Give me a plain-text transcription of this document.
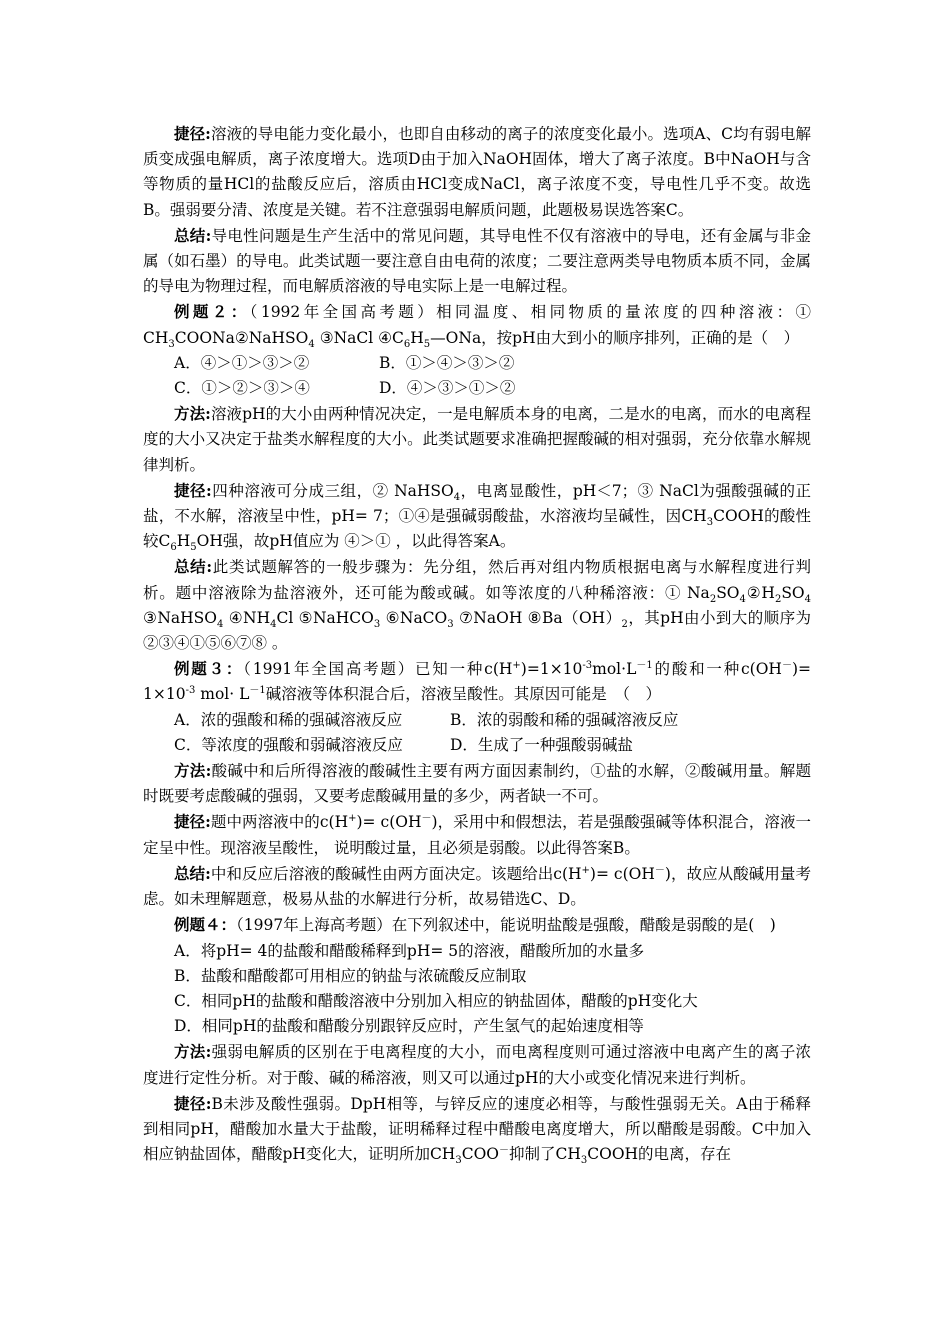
捷径:溶液的导电能力变化最小，也即自由移动的离子的浓度变化最小。选项A、C均有弱电解质变成强电解质，离子浓度增大。选项D由于加入NaOH固体，增大了离子浓度。B中NaOH与含等物质的量HCl的盐酸反应后，溶质由HCl变成NaCl，离子浓度不变，导电性几乎不变。故选B。强弱要分清、浓度是关键。若不注意强弱电解质问题，此题极易误选答案C。

总结:导电性问题是生产生活中的常见问题，其导电性不仅有溶液中的导电，还有金属与非金属（如石墨）的导电。此类试题一要注意自由电荷的浓度；二要注意两类导电物质本质不同，金属的导电为物理过程，而电解质溶液的导电实际上是一电解过程。

例题２：（1992年全国高考题）相同温度、相同物质的量浓度的四种溶液：① $CH_3COONa②NaHSO_4$ ③NaCl $④C_6H_5—ONa$，按pH由大到小的顺序排列，正确的是（　）

A．④＞①＞③＞②	B．①＞④＞③＞②
C．①＞②＞③＞④	D．④＞③＞①＞②

方法:溶液pH的大小由两种情况决定，一是电解质本身的电离，二是水的电离，而水的电离程度的大小又决定于盐类水解程度的大小。此类试题要求准确把握酸碱的相对强弱，充分依靠水解规律判析。

捷径:四种溶液可分成三组，② NaHSO$_4$，电离显酸性，pH＜7；③ NaCl为强酸强碱的正盐，不水解，溶液呈中性，pH= 7；①④是强碱弱酸盐，水溶液均呈碱性，因$CH_3COOH$的酸性较$C_6H_5OH$强，故pH值应为 ④＞① ，以此得答案A。

总结:此类试题解答的一般步骤为：先分组，然后再对组内物质根据电离与水解程度进行判析。题中溶液除为盐溶液外，还可能为酸或碱。如等浓度的八种稀溶液：① $Na_2SO_4②H_2SO_4$ ③NaHSO$_4$ $④NH_4Cl$ ⑤NaHCO$_3$ ⑥NaCO$_3$ ⑦NaOH $⑧Ba(OH)_2$，其pH由小到大的顺序为 ②③④①⑤⑥⑦⑧ 。

例题３：（1991年全国高考题）已知一种$c(H^+)=1\times 10^{-3}mol\cdot L^{-1}$的酸和一种$c(OH^-)= 1\times 10^{-3}$ $mol\cdot L^{-1}$碱溶液等体积混合后，溶液呈酸性。其原因可能是　（　）

A．浓的强酸和稀的强碱溶液反应	B．浓的弱酸和稀的强碱溶液反应
C．等浓度的强酸和弱碱溶液反应	D．生成了一种强酸弱碱盐

方法:酸碱中和后所得溶液的酸碱性主要有两方面因素制约，①盐的水解，②酸碱用量。解题时既要考虑酸碱的强弱，又要考虑酸碱用量的多少，两者缺一不可。

捷径:题中两溶液中的c(H+)= c(OH－)，采用中和假想法，若是强酸强碱等体积混合，溶液一定呈中性。现溶液呈酸性， 说明酸过量，且必须是弱酸。以此得答案B。

总结:中和反应后溶液的酸碱性由两方面决定。该题给出c(H+)= c(OH－)，故应从酸碱用量考虑。如未理解题意，极易从盐的水解进行分析，故易错选C、D。

例题４：（1997年上海高考题）在下列叙述中，能说明盐酸是强酸，醋酸是弱酸的是(　)

A．将pH= 4的盐酸和醋酸稀释到pH= 5的溶液，醋酸所加的水量多

B．盐酸和醋酸都可用相应的钠盐与浓硫酸反应制取

C．相同pH的盐酸和醋酸溶液中分别加入相应的钠盐固体，醋酸的pH变化大

D．相同pH的盐酸和醋酸分别跟锌反应时，产生氢气的起始速度相等

方法:强弱电解质的区别在于电离程度的大小，而电离程度则可通过溶液中电离产生的离子浓度进行定性分析。对于酸、碱的稀溶液，则又可以通过pH的大小或变化情况来进行判析。

捷径:B未涉及酸性强弱。DpH相等，与锌反应的速度必相等，与酸性强弱无关。A由于稀释到相同pH，醋酸加水量大于盐酸，证明稀释过程中醋酸电离度增大，所以醋酸是弱酸。C中加入相应钠盐固体，醋酸pH变化大，证明所加$CH_3COO^-$抑制了$CH_3COOH$的电离，存在
